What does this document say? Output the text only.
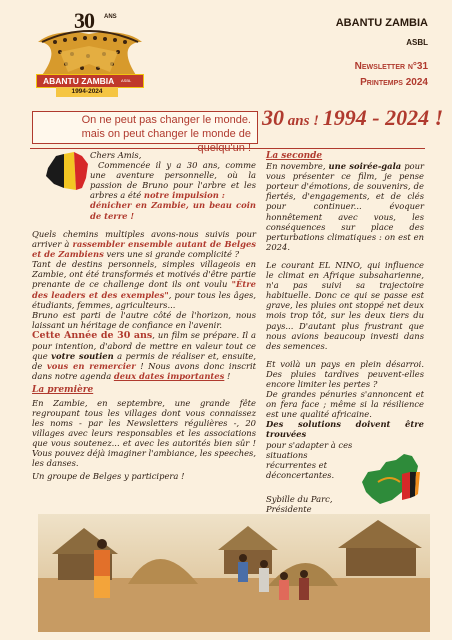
30 ANS
ABANTU ZAMBIA ASBL
1994-2024
ABANTU ZAMBIA
ASBL
Newsletter n°31
Printemps 2024
On ne peut pas changer le monde.
mais on peut changer le monde de quelqu'un !
30 ans ! 1994 - 2024 !

Chers Amis,

Commencée il y a 30 ans, comme une aventure personnelle, où la passion de Bruno pour l'arbre et les arbres a été notre impulsion :

dénicher en Zambie, un beau coin de terre !

Quels chemins multiples avons-nous suivis pour arriver à rassembler ensemble autant de Belges et de Zambiens vers une si grande complicité ?

Tant de destins personnels, simples villageois en Zambie, ont été transformés et motivés d'être partie prenante de ce challenge dont ils ont voulu "Être des leaders et des exemples", pour tous les âges, étudiants, femmes, agriculteurs...

Bruno est parti de l'autre côté de l'horizon, nous laissant un héritage de confiance en l'avenir.

Cette Année de 30 ans, un film se prépare. Il a pour intention, d'abord de mettre en valeur tout ce que votre soutien a permis de réaliser et, ensuite, de vous en remercier ! Nous avons donc inscrit dans notre agenda deux dates importantes !

La première

En Zambie, en septembre, une grande fête regroupant tous les villages dont vous connaissez les noms - par les Newsletters régulières -, 20 villages avec leurs responsables et les associations que vous soutenez... et avec les autorités bien sûr ! Vous pouvez déjà imaginer l'ambiance, les speeches, les danses.

Un groupe de Belges y participera !

La seconde

En novembre, une soirée-gala pour vous présenter ce film, je pense porteur d'émotions, de souvenirs, de fiertés, d'engagements, et de clés pour continuer... évoquer honnêtement avec vous, les conséquences sur place des perturbations climatiques : on est en 2024.

Le courant EL NINO, qui influence le climat en Afrique subsaharienne, n'a pas suivi sa trajectoire habituelle. Donc ce qui se passe est grave, les pluies ont stoppé net deux mois trop tôt, sur les deux tiers du pays... D'autant plus frustrant que nous avions beaucoup investi dans des semences.

Et voilà un pays en plein désarroi. Des pluies tardives peuvent-elles encore limiter les pertes ?

De grandes pénuries s'annoncent et on fera face ; même si la résilience est une qualité africaine.

Des solutions doivent être trouvées

pour s'adapter à ces situations récurrentes et déconcertantes.

Sybille du Parc,

Présidente
